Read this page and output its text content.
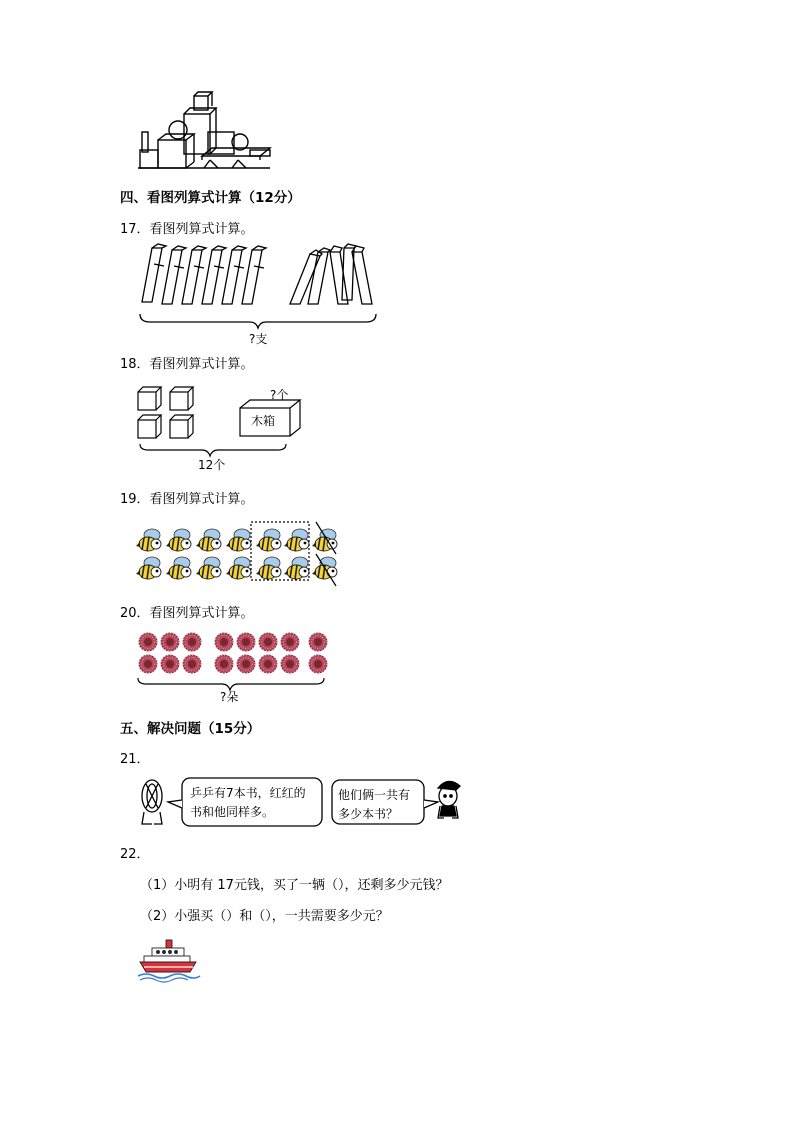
四、看图列算式计算（12分）
17．看图列算式计算。
?支
18．看图列算式计算。
木箱
?个
12个
19．看图列算式计算。
20．看图列算式计算。
?朵
五、解决问题（15分）
21．
乒乒有7本书，红红的
书和他同样多。
他们俩一共有
多少本书？
22．
（1）小明有 17元钱，买了一辆（），还剩多少元钱？
（2）小强买（）和（），一共需要多少元？
